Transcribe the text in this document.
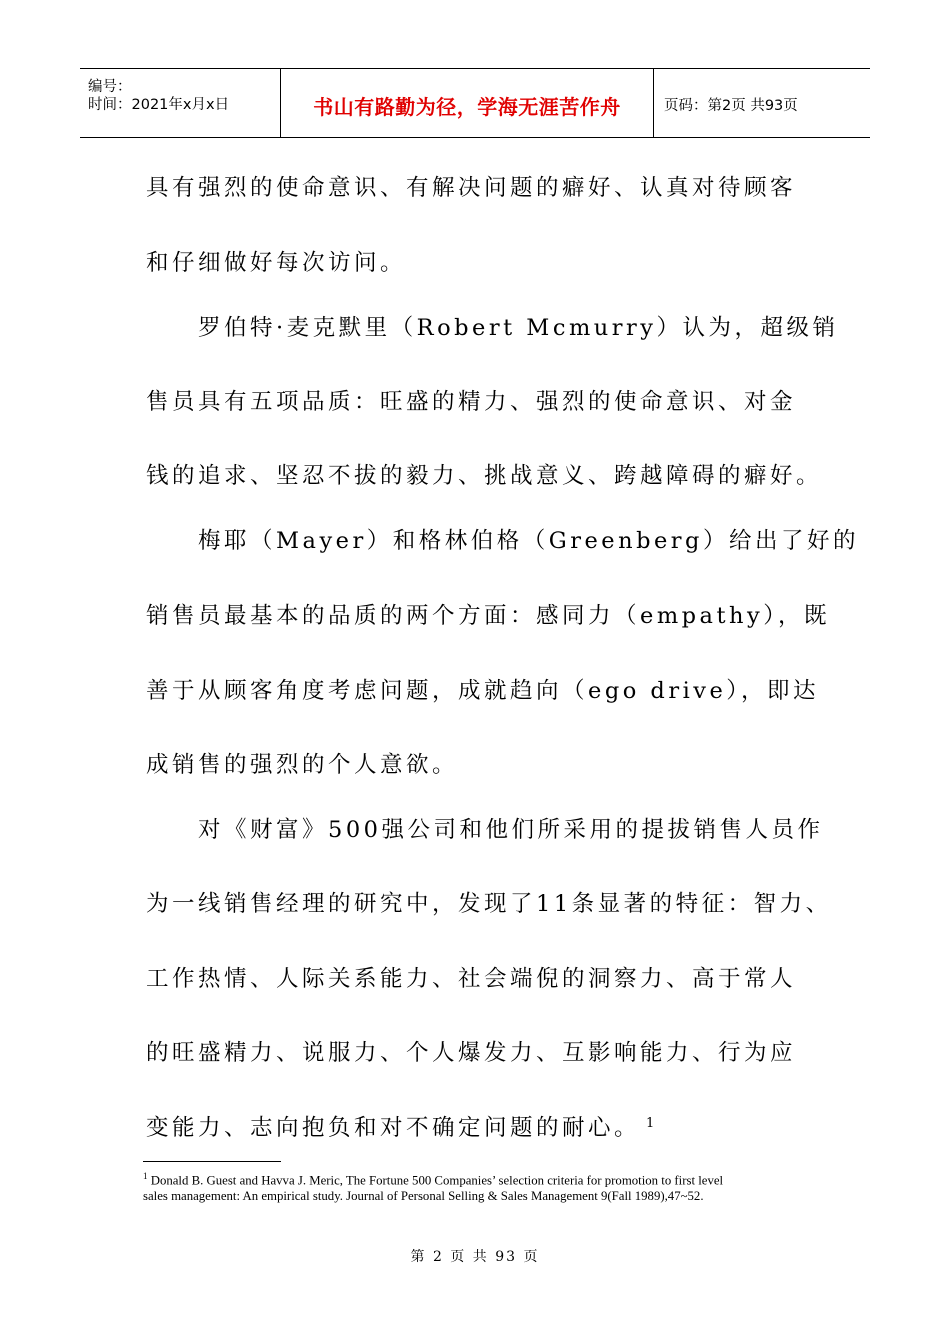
编号：
时间：2021年x月x日	书山有路勤为径，学海无涯苦作舟	页码：第2页 共93页
具有强烈的使命意识、有解决问题的癖好、认真对待顾客
和仔细做好每次访问。
　　罗伯特·麦克默里（Robert Mcmurry）认为，超级销
售员具有五项品质：旺盛的精力、强烈的使命意识、对金
钱的追求、坚忍不拔的毅力、挑战意义、跨越障碍的癖好。
　　梅耶（Mayer）和格林伯格（Greenberg）给出了好的
销售员最基本的品质的两个方面：感同力（empathy），既
善于从顾客角度考虑问题，成就趋向（ego drive），即达
成销售的强烈的个人意欲。
　　对《财富》500强公司和他们所采用的提拔销售人员作
为一线销售经理的研究中，发现了11条显著的特征：智力、
工作热情、人际关系能力、社会端倪的洞察力、高于常人
的旺盛精力、说服力、个人爆发力、互影响能力、行为应
变能力、志向抱负和对不确定问题的耐心。 $^1$
$^1$ Donald B. Guest and Havva J. Meric, The Fortune 500 Companies’ selection criteria for promotion to first level
sales management: An empirical study. Journal of Personal Selling & Sales Management 9(Fall 1989),47~52.
第 2 页 共 93 页
